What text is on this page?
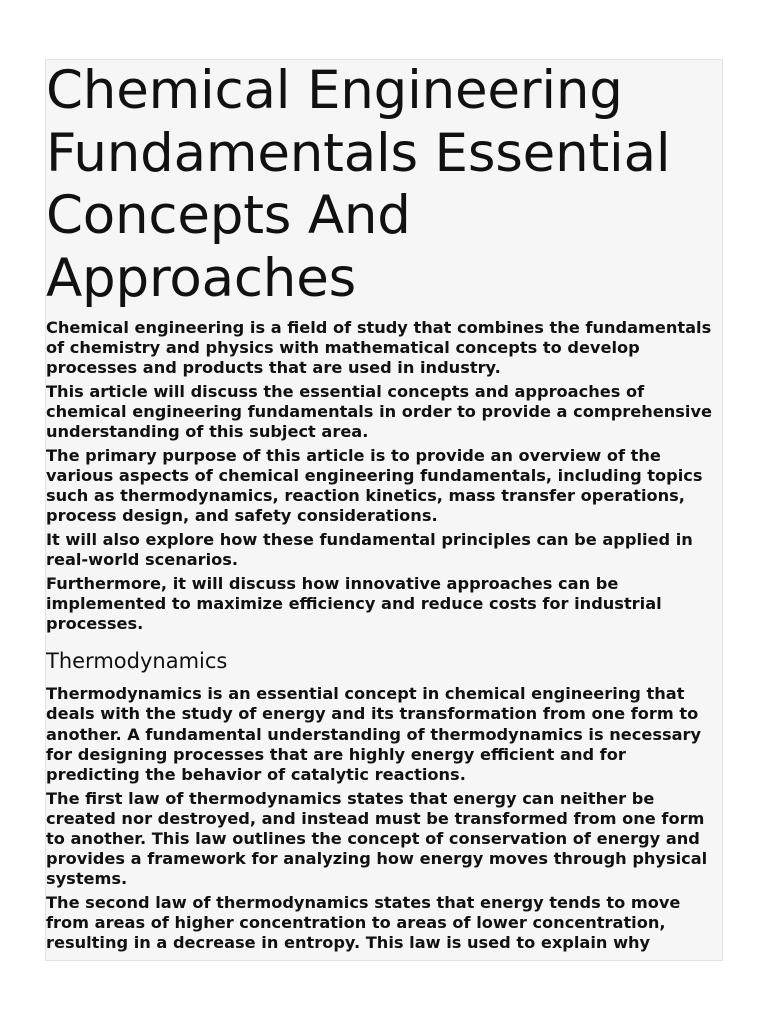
Chemical Engineering Fundamentals Essential Concepts And Approaches

Chemical engineering is a field of study that combines the fundamentals of chemistry and physics with mathematical concepts to develop processes and products that are used in industry.

This article will discuss the essential concepts and approaches of chemical engineering fundamentals in order to provide a comprehensive understanding of this subject area.

The primary purpose of this article is to provide an overview of the various aspects of chemical engineering fundamentals, including topics such as thermodynamics, reaction kinetics, mass transfer operations, process design, and safety considerations.

It will also explore how these fundamental principles can be applied in real-world scenarios.

Furthermore, it will discuss how innovative approaches can be implemented to maximize efficiency and reduce costs for industrial processes.

Thermodynamics

Thermodynamics is an essential concept in chemical engineering that deals with the study of energy and its transformation from one form to another. A fundamental understanding of thermodynamics is necessary for designing processes that are highly energy efficient and for predicting the behavior of catalytic reactions.

The first law of thermodynamics states that energy can neither be created nor destroyed, and instead must be transformed from one form to another. This law outlines the concept of conservation of energy and provides a framework for analyzing how energy moves through physical systems.

The second law of thermodynamics states that energy tends to move from areas of higher concentration to areas of lower concentration, resulting in a decrease in entropy. This law is used to explain why
